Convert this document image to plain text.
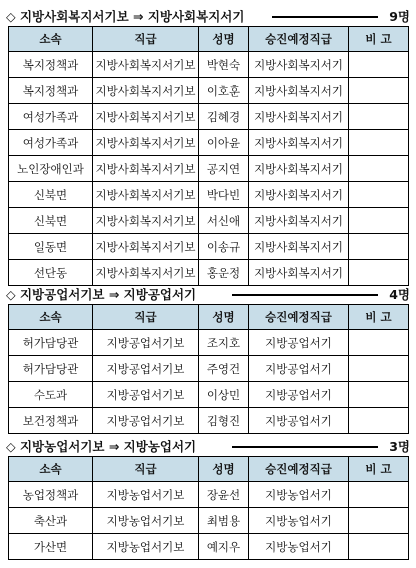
◇ 지방사회복지서기보 ⇒ 지방사회복지서기	9명
소속	직급	성명	승진예정직급	비 고
복지정책과	지방사회복지서기보	박현숙	지방사회복지서기	
복지정책과	지방사회복지서기보	이호훈	지방사회복지서기	
여성가족과	지방사회복지서기보	김혜경	지방사회복지서기	
여성가족과	지방사회복지서기보	이아윤	지방사회복지서기	
노인장애인과	지방사회복지서기보	공지연	지방사회복지서기	
신북면	지방사회복지서기보	박다빈	지방사회복지서기	
신북면	지방사회복지서기보	서신애	지방사회복지서기	
일동면	지방사회복지서기보	이송규	지방사회복지서기	
선단동	지방사회복지서기보	홍운정	지방사회복지서기	
◇ 지방공업서기보 ⇒ 지방공업서기	4명
소속	직급	성명	승진예정직급	비 고
허가담당관	지방공업서기보	조지호	지방공업서기	
허가담당관	지방공업서기보	주영건	지방공업서기	
수도과	지방공업서기보	이상민	지방공업서기	
보건정책과	지방공업서기보	김형진	지방공업서기	
◇ 지방농업서기보 ⇒ 지방농업서기	3명
소속	직급	성명	승진예정직급	비 고
농업정책과	지방농업서기보	장윤선	지방농업서기	
축산과	지방농업서기보	최범용	지방농업서기	
가산면	지방농업서기보	예지우	지방농업서기	
